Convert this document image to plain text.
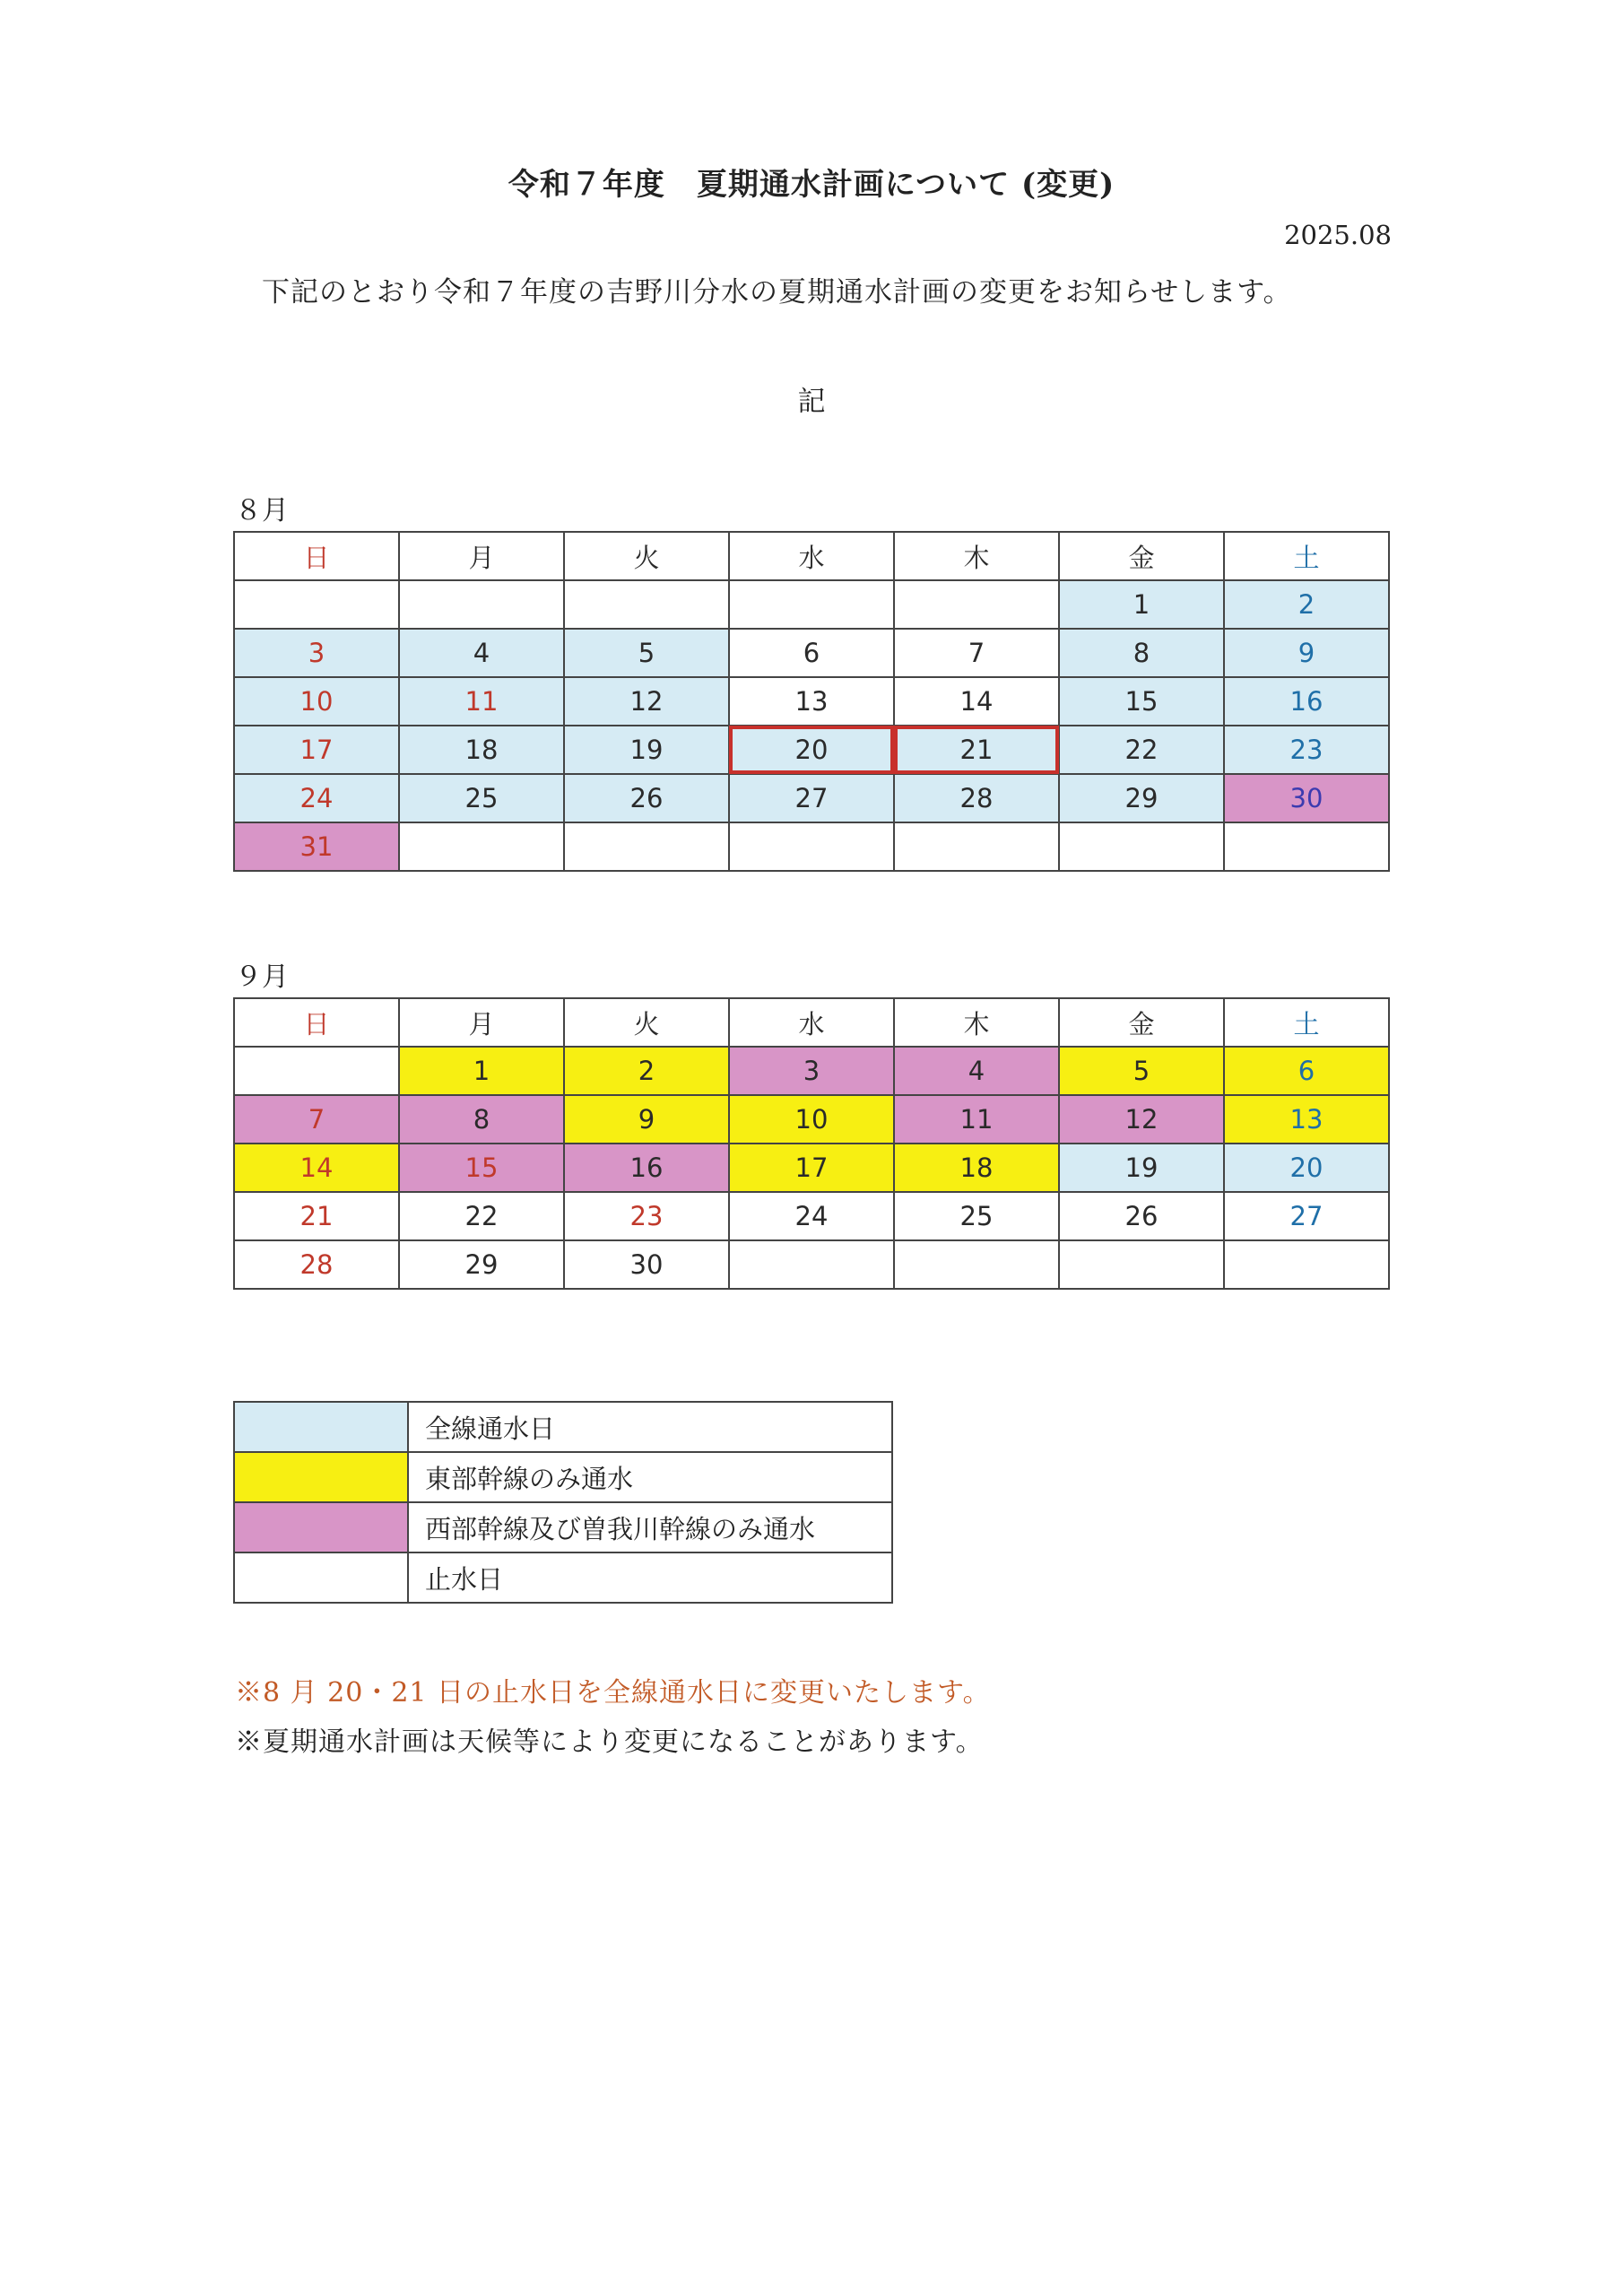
令和７年度　夏期通水計画について (変更)
2025.08
下記のとおり令和７年度の吉野川分水の夏期通水計画の変更をお知らせします。
記
８月
日	月	火	水	木	金	土
					1	2
3	4	5	6	7	8	9
10	11	12	13	14	15	16
17	18	19	20	21	22	23
24	25	26	27	28	29	30
31						
９月
日	月	火	水	木	金	土
	1	2	3	4	5	6
7	8	9	10	11	12	13
14	15	16	17	18	19	20
21	22	23	24	25	26	27
28	29	30				
	全線通水日
	東部幹線のみ通水
	西部幹線及び曽我川幹線のみ通水
	止水日
※8 月 20・21 日の止水日を全線通水日に変更いたします。
※夏期通水計画は天候等により変更になることがあります。
